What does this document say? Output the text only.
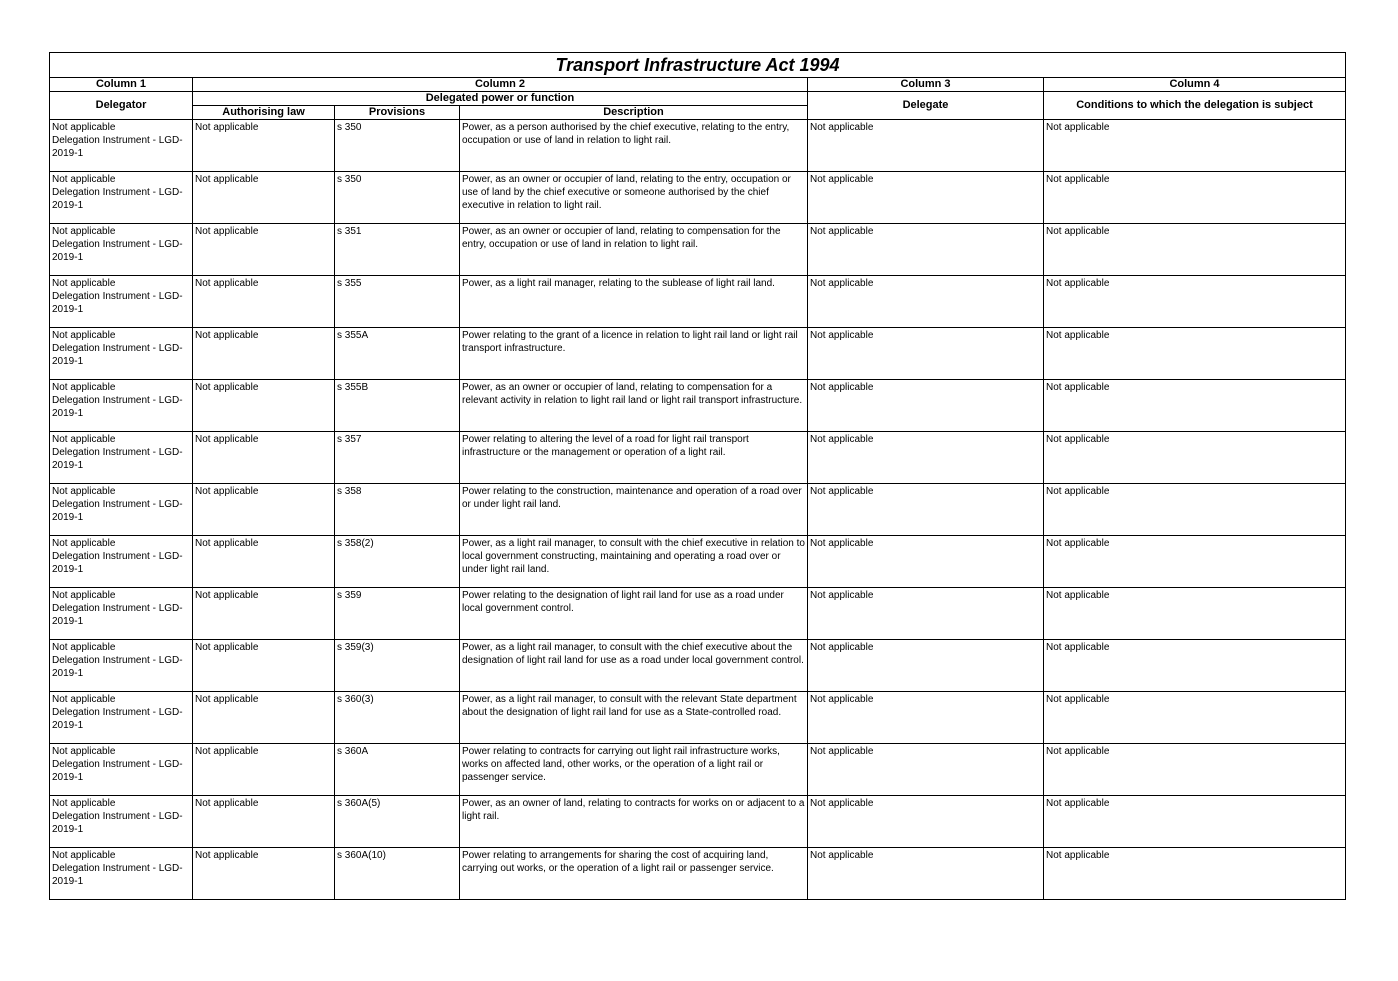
Transport Infrastructure Act 1994					
Column 1	Column 2			Column 3	Column 4
Delegator	Delegated power or function			Delegate	Conditions to which the delegation is subject
	Authorising law	Provisions	Description		

Not applicable
Delegation Instrument - LGD-
2019-1	Not applicable	s 350	Power, as a person authorised by the chief executive, relating to the entry, occupation or use of land in relation to light rail.	Not applicable	Not applicable

Not applicable
Delegation Instrument - LGD-
2019-1	Not applicable	s 350	Power, as an owner or occupier of land, relating to the entry, occupation or use of land by the chief executive or someone authorised by the chief executive in relation to light rail.	Not applicable	Not applicable

Not applicable
Delegation Instrument - LGD-
2019-1	Not applicable	s 351	Power, as an owner or occupier of land, relating to compensation for the entry, occupation or use of land in relation to light rail.	Not applicable	Not applicable

Not applicable
Delegation Instrument - LGD-
2019-1	Not applicable	s 355	Power, as a light rail manager, relating to the sublease of light rail land.	Not applicable	Not applicable

Not applicable
Delegation Instrument - LGD-
2019-1	Not applicable	s 355A	Power relating to the grant of a licence in relation to light rail land or light rail transport infrastructure.	Not applicable	Not applicable

Not applicable
Delegation Instrument - LGD-
2019-1	Not applicable	s 355B	Power, as an owner or occupier of land, relating to compensation for a relevant activity in relation to light rail land or light rail transport infrastructure.	Not applicable	Not applicable

Not applicable
Delegation Instrument - LGD-
2019-1	Not applicable	s 357	Power relating to altering the level of a road for light rail transport infrastructure or the management or operation of a light rail.	Not applicable	Not applicable

Not applicable
Delegation Instrument - LGD-
2019-1	Not applicable	s 358	Power relating to the construction, maintenance and operation of a road over or under light rail land.	Not applicable	Not applicable

Not applicable
Delegation Instrument - LGD-
2019-1	Not applicable	s 358(2)	Power, as a light rail manager, to consult with the chief executive in relation to local government constructing, maintaining and operating a road over or under light rail land.	Not applicable	Not applicable

Not applicable
Delegation Instrument - LGD-
2019-1	Not applicable	s 359	Power relating to the designation of light rail land for use as a road under local government control.	Not applicable	Not applicable

Not applicable
Delegation Instrument - LGD-
2019-1	Not applicable	s 359(3)	Power, as a light rail manager, to consult with the chief executive about the designation of light rail land for use as a road under local government control.	Not applicable	Not applicable

Not applicable
Delegation Instrument - LGD-
2019-1	Not applicable	s 360(3)	Power, as a light rail manager, to consult with the relevant State department about the designation of light rail land for use as a State-controlled road.	Not applicable	Not applicable

Not applicable
Delegation Instrument - LGD-
2019-1	Not applicable	s 360A	Power relating to contracts for carrying out light rail infrastructure works, works on affected land, other works, or the operation of a light rail or passenger service.	Not applicable	Not applicable

Not applicable
Delegation Instrument - LGD-
2019-1	Not applicable	s 360A(5)	Power, as an owner of land, relating to contracts for works on or adjacent to a light rail.	Not applicable	Not applicable

Not applicable
Delegation Instrument - LGD-
2019-1	Not applicable	s 360A(10)	Power relating to arrangements for sharing the cost of acquiring land, carrying out works, or the operation of a light rail or passenger service.	Not applicable	Not applicable
